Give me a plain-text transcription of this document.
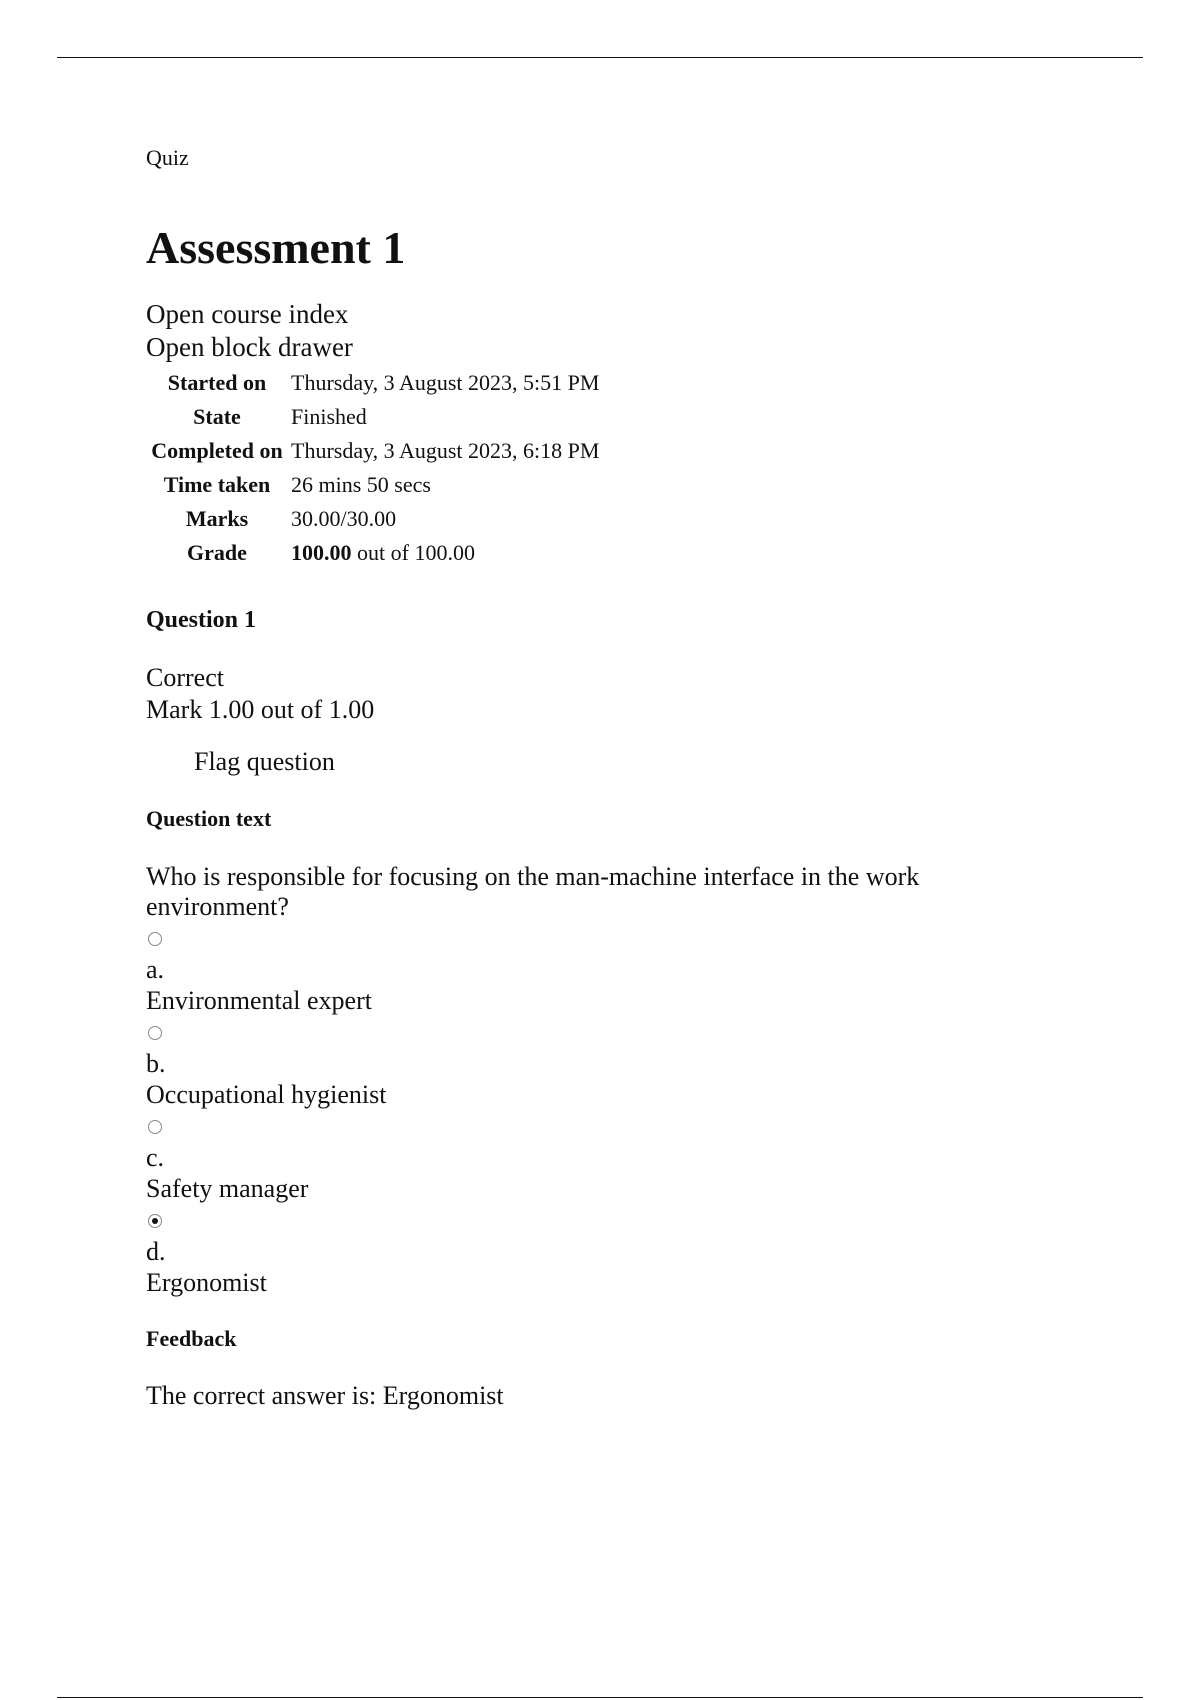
Quiz
Assessment 1
Open course index
Open block drawer
Started on	Thursday, 3 August 2023, 5:51 PM
State	Finished
Completed on	Thursday, 3 August 2023, 6:18 PM
Time taken	26 mins 50 secs
Marks	30.00/30.00
Grade	100.00 out of 100.00
Question 1
Correct
Mark 1.00 out of 1.00
Flag question
Question text
Who is responsible for focusing on the man-machine interface in the work environment?
a.
Environmental expert
b.
Occupational hygienist
c.
Safety manager
d.
Ergonomist
Feedback
The correct answer is: Ergonomist
